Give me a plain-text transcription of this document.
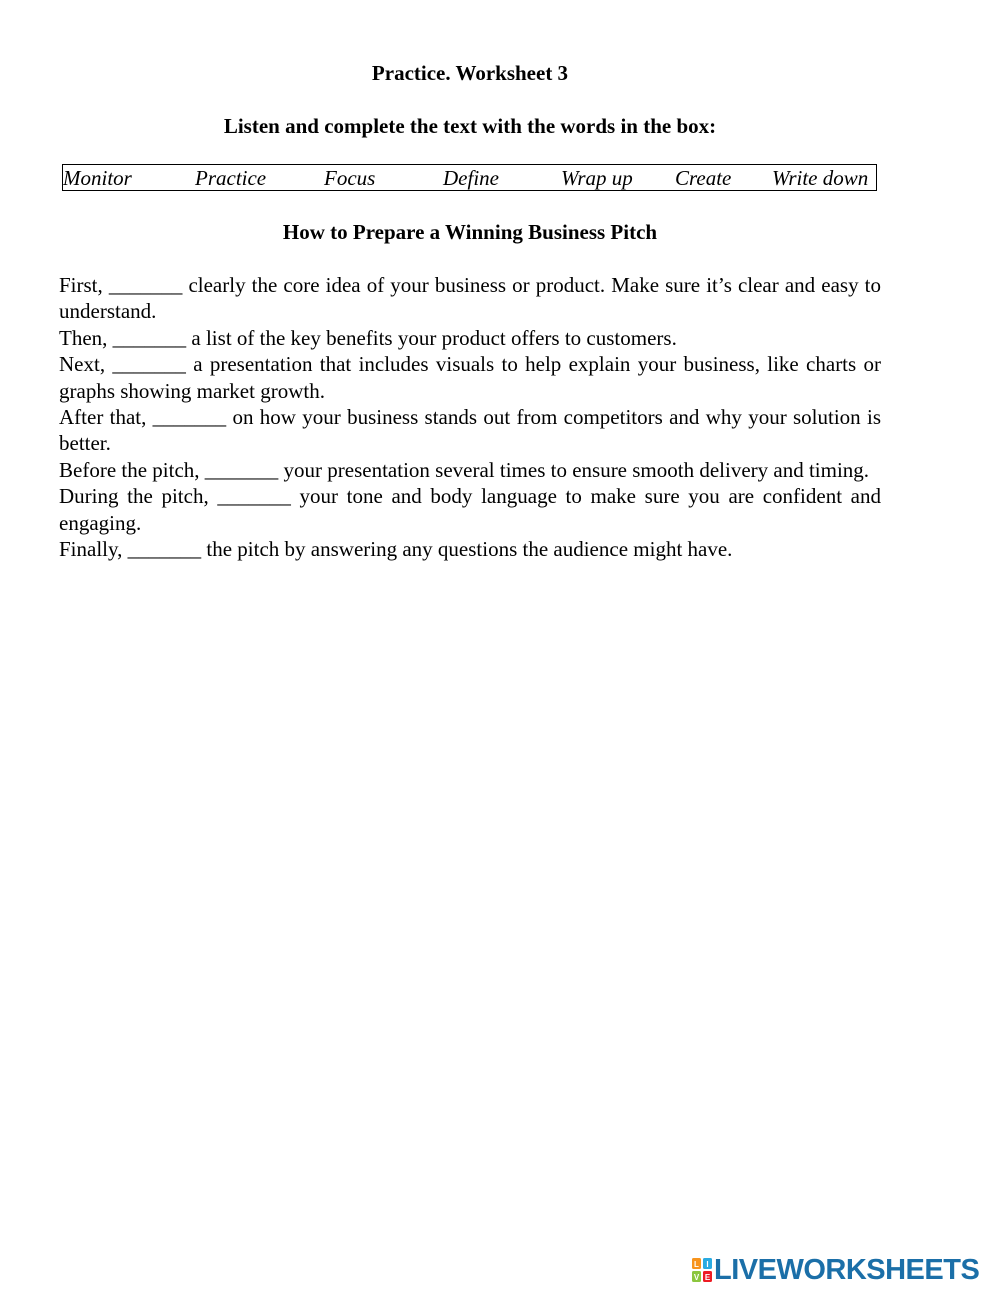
Practice. Worksheet 3
Listen and complete the text with the words in the box:
Monitor	Practice	Focus	Define	Wrap up Create Write down
How to Prepare a Winning Business Pitch

First, _______ clearly the core idea of your business or product. Make sure it’s clear and easy to understand.

Then, _______ a list of the key benefits your product offers to customers.

Next, _______ a presentation that includes visuals to help explain your business, like charts or graphs showing market growth.

After that, _______ on how your business stands out from competitors and why your solution is better.

Before the pitch, _______ your presentation several times to ensure smooth delivery and timing.

During the pitch, _______ your tone and body language to make sure you are confident and engaging.

Finally, _______ the pitch by answering any questions the audience might have.

L I
V E LIVEWORKSHEETS
